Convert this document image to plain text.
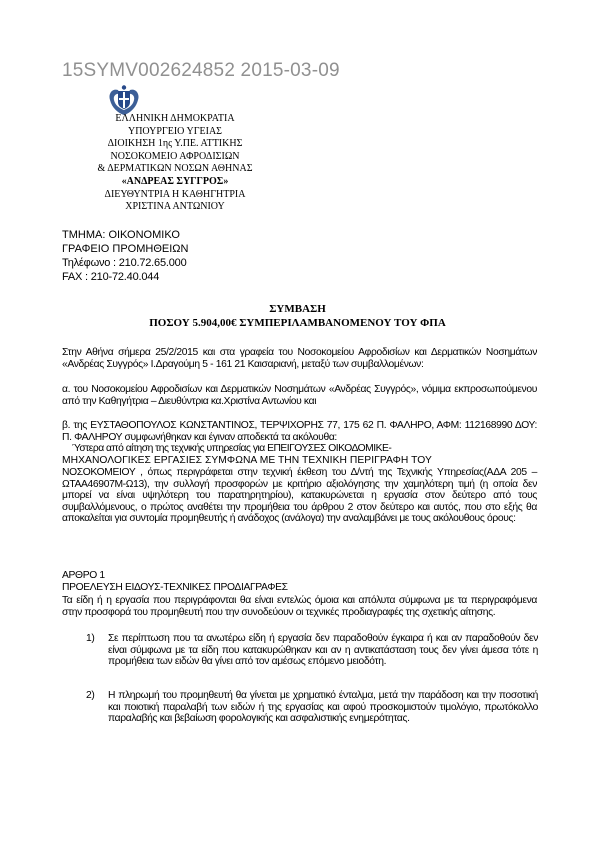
15SYMV002624852 2015-03-09
ΕΛΛΗΝΙΚΗ ΔΗΜΟΚΡΑΤΙΑ
ΥΠΟΥΡΓΕΙΟ ΥΓΕΙΑΣ
ΔΙΟΙΚΗΣΗ 1ης Υ.ΠΕ. ΑΤΤΙΚΗΣ
ΝΟΣΟΚΟΜΕΙΟ ΑΦΡΟΔΙΣΙΩΝ
& ΔΕΡΜΑΤΙΚΩΝ ΝΟΣΩΝ ΑΘΗΝΑΣ
«ΑΝΔΡΕΑΣ ΣΥΓΓΡΟΣ»
ΔΙΕΥΘΥΝΤΡΙΑ Η ΚΑΘΗΓΗΤΡΙΑ
ΧΡΙΣΤΙΝΑ ΑΝΤΩΝΙΟΥ
ΤΜΗΜΑ: ΟΙΚΟΝΟΜΙΚΟ
ΓΡΑΦΕΙΟ ΠΡΟΜΗΘΕΙΩΝ
Τηλέφωνο : 210.72.65.000
FAX : 210-72.40.044
ΣΥΜΒΑΣΗ
ΠΟΣΟΥ 5.904,00€ ΣΥΜΠΕΡΙΛΑΜΒΑΝΟΜΕΝΟΥ ΤΟΥ ΦΠΑ
Στην Αθήνα σήμερα 25/2/2015 και στα γραφεία του Νοσοκομείου Αφροδισίων και Δερματικών Νοσημάτων «Ανδρέας Συγγρός» Ι.Δραγούμη 5 - 161 21 Καισαριανή, μεταξύ των συμβαλλομένων:
α. του Νοσοκομείου Αφροδισίων και Δερματικών Νοσημάτων «Ανδρέας Συγγρός», νόμιμα εκπροσωπούμενου από την Καθηγήτρια – Διευθύντρια κα.Χριστίνα Αντωνίου και
β. της ΕΥΣΤΑΘΟΠΟΥΛΟΣ ΚΩΝΣΤΑΝΤΙΝΟΣ, ΤΕΡΨΙΧΟΡΗΣ 77, 175 62 Π. ΦΑΛΗΡΟ, ΑΦΜ: 112168990 ΔΟΥ: Π. ΦΑΛΗΡΟΥ συμφωνήθηκαν και έγιναν αποδεκτά τα ακόλουθα:
Ύστερα από αίτηση της τεχνικής υπηρεσίας για ΕΠΕΙΓΟΥΣΕΣ ΟΙΚΟΔΟΜΙΚΕ-
ΜΗΧΑΝΟΛΟΓΙΚΕΣ ΕΡΓΑΣΙΕΣ ΣΥΜΦΩΝΑ ΜΕ ΤΗΝ ΤΕΧΝΙΚΗ ΠΕΡΙΓΡΑΦΗ ΤΟΥ
ΝΟΣΟΚΟΜΕΙΟΥ , όπως περιγράφεται στην τεχνική έκθεση του Δ/ντή της Τεχνικής Υπηρεσίας(ΑΔΑ 205 –ΩΤΑΑ46907Μ-Ω13), την συλλογή προσφορών με κριτήριο αξιολόγησης την χαμηλότερη τιμή (η οποία δεν μπορεί να είναι υψηλότερη του παρατηρητηρίου), κατακυρώνεται η εργασία στον δεύτερο από τους συμβαλλόμενους, ο πρώτος αναθέτει την προμήθεια του άρθρου 2 στον δεύτερο και αυτός, που στο εξής θα αποκαλείται για συντομία προμηθευτής ή ανάδοχος (ανάλογα) την αναλαμβάνει με τους ακόλουθους όρους:
ΑΡΘΡΟ 1
ΠΡΟΕΛΕΥΣΗ ΕΙΔΟΥΣ-ΤΕΧΝΙΚΕΣ ΠΡΟΔΙΑΓΡΑΦΕΣ
Τα είδη ή η εργασία που περιγράφονται θα είναι εντελώς όμοια και απόλυτα σύμφωνα με τα περιγραφόμενα στην προσφορά του προμηθευτή που την συνοδεύουν οι τεχνικές προδιαγραφές της σχετικής αίτησης.
1) Σε περίπτωση που τα ανωτέρω είδη ή εργασία δεν παραδοθούν έγκαιρα ή και αν παραδοθούν δεν είναι σύμφωνα με τα είδη που κατακυρώθηκαν και αν η αντικατάσταση τους δεν γίνει άμεσα τότε η προμήθεια των ειδών θα γίνει από τον αμέσως επόμενο μειοδότη.
2) Η πληρωμή του προμηθευτή θα γίνεται με χρηματικό ένταλμα, μετά την παράδοση και την ποσοτική και ποιοτική παραλαβή των ειδών ή της εργασίας και αφού προσκομιστούν τιμολόγιο, πρωτόκολλο παραλαβής και βεβαίωση φορολογικής και ασφαλιστικής ενημερότητας.
